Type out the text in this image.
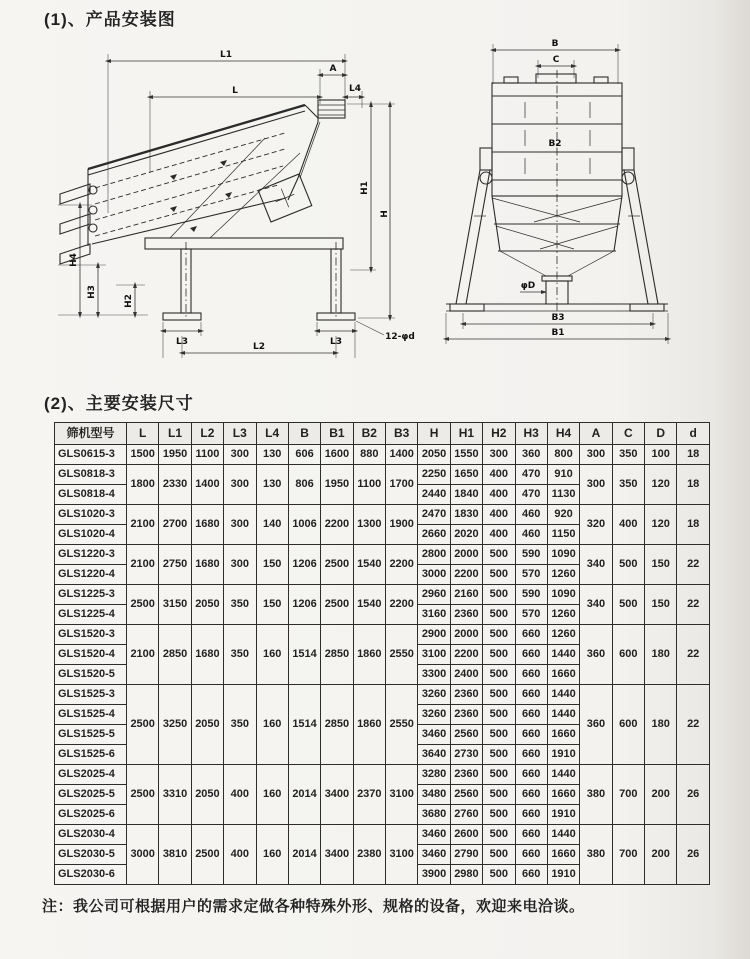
(1)、产品安装图
L1
L
A
L4
H1
H
H4
H3
H2
L3	L3
L2
12-φd
B
C
B2
φD
B3
B1
(2)、主要安装尺寸
筛机型号	L	L1	L2	L3	L4	B	B1	B2	B3	H	H1	H2	H3	H4	A	C	D	d
GLS0615-3	1500	1950	1100	300	130	606	1600	880	1400	2050	1550	300	360	800	300	350	100	18
GLS0818-3	1800	2330	1400	300	130	806	1950	1100	1700	2250	1650	400	470	910	300	350	120	18
GLS0818-4										2440	1840	400	470	1130				
GLS1020-3	2100	2700	1680	300	140	1006	2200	1300	1900	2470	1830	400	460	920	320	400	120	18
GLS1020-4										2660	2020	400	460	1150				
GLS1220-3	2100	2750	1680	300	150	1206	2500	1540	2200	2800	2000	500	590	1090	340	500	150	22
GLS1220-4										3000	2200	500	570	1260				
GLS1225-3	2500	3150	2050	350	150	1206	2500	1540	2200	2960	2160	500	590	1090	340	500	150	22
GLS1225-4										3160	2360	500	570	1260				
GLS1520-3	2100	2850	1680	350	160	1514	2850	1860	2550	2900	2000	500	660	1260	360	600	180	22
GLS1520-4										3100	2200	500	660	1440				
GLS1520-5										3300	2400	500	660	1660				
GLS1525-3	2500	3250	2050	350	160	1514	2850	1860	2550	3260	2360	500	660	1440	360	600	180	22
GLS1525-4										3260	2360	500	660	1440				
GLS1525-5										3460	2560	500	660	1660				
GLS1525-6										3640	2730	500	660	1910				
GLS2025-4	2500	3310	2050	400	160	2014	3400	2370	3100	3280	2360	500	660	1440	380	700	200	26
GLS2025-5										3480	2560	500	660	1660				
GLS2025-6										3680	2760	500	660	1910				
GLS2030-4	3000	3810	2500	400	160	2014	3400	2380	3100	3460	2600	500	660	1440	380	700	200	26
GLS2030-5										3460	2790	500	660	1660				
GLS2030-6										3900	2980	500	660	1910				
注：我公司可根据用户的需求定做各种特殊外形、规格的设备，欢迎来电洽谈。
